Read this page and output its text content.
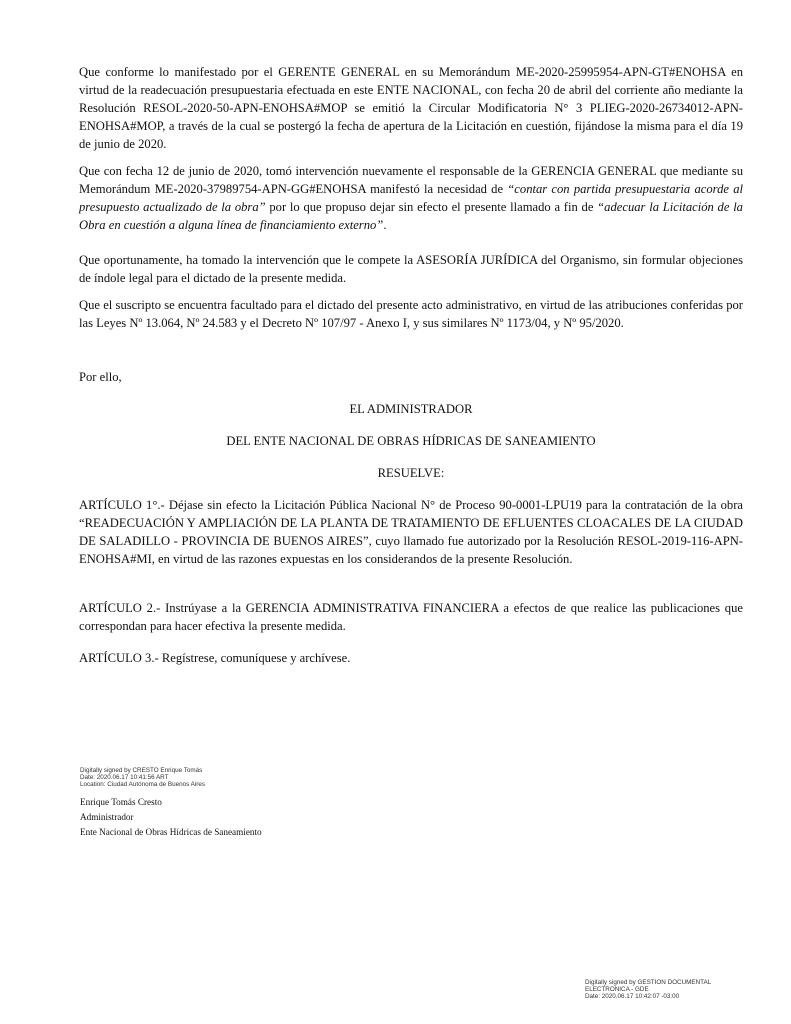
Que conforme lo manifestado por el GERENTE GENERAL en su Memorándum ME-2020-25995954-APN-GT#ENOHSA en virtud de la readecuación presupuestaria efectuada en este ENTE NACIONAL, con fecha 20 de abril del corriente año mediante la Resolución RESOL-2020-50-APN-ENOHSA#MOP se emitió la Circular Modificatoria N° 3 PLIEG-2020-26734012-APN-ENOHSA#MOP, a través de la cual se postergó la fecha de apertura de la Licitación en cuestión, fijándose la misma para el día 19 de junio de 2020.

Que con fecha 12 de junio de 2020, tomó intervención nuevamente el responsable de la GERENCIA GENERAL que mediante su Memorándum ME-2020-37989754-APN-GG#ENOHSA manifestó la necesidad de “contar con partida presupuestaria acorde al presupuesto actualizado de la obra” por lo que propuso dejar sin efecto el presente llamado a fin de “adecuar la Licitación de la Obra en cuestión a alguna línea de financiamiento externo”.

Que oportunamente, ha tomado la intervención que le compete la ASESORÍA JURÍDICA del Organismo, sin formular objeciones de índole legal para el dictado de la presente medida.

Que el suscripto se encuentra facultado para el dictado del presente acto administrativo, en virtud de las atribuciones conferidas por las Leyes Nº 13.064, Nº 24.583 y el Decreto Nº 107/97 - Anexo I, y sus similares Nº 1173/04, y Nº 95/2020.

Por ello,

EL ADMINISTRADOR

DEL ENTE NACIONAL DE OBRAS HÍDRICAS DE SANEAMIENTO

RESUELVE:

ARTÍCULO 1°.- Déjase sin efecto la Licitación Pública Nacional N° de Proceso 90-0001-LPU19 para la contratación de la obra “READECUACIÓN Y AMPLIACIÓN DE LA PLANTA DE TRATAMIENTO DE EFLUENTES CLOACALES DE LA CIUDAD DE SALADILLO - PROVINCIA DE BUENOS AIRES”, cuyo llamado fue autorizado por la Resolución RESOL-2019-116-APN-ENOHSA#MI, en virtud de las razones expuestas en los considerandos de la presente Resolución.

ARTÍCULO 2.- Instrúyase a la GERENCIA ADMINISTRATIVA FINANCIERA a efectos de que realice las publicaciones que correspondan para hacer efectiva la presente medida.

ARTÍCULO 3.- Regístrese, comuníquese y archívese.

Digitally signed by CRESTO Enrique Tomás
Date: 2020.06.17 10:41:56 ART
Location: Ciudad Autónoma de Buenos Aires
Enrique Tomás Cresto
Administrador
Ente Nacional de Obras Hídricas de Saneamiento
Digitally signed by GESTION DOCUMENTAL
ELECTRONICA - GDE
Date: 2020.06.17 10:42:07 -03:00
